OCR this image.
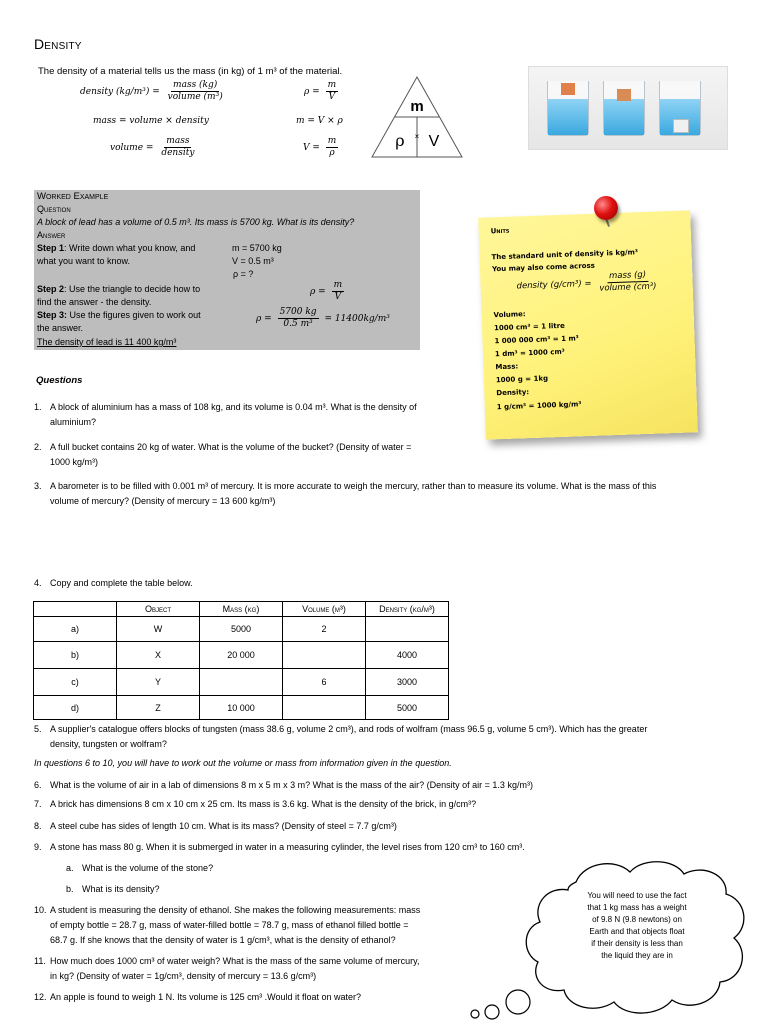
Density
The density of a material tells us the mass (in kg) of 1 m³ of the material.
density $(kg/m^3) = \frac{\text{mass (kg)}}{\text{volume (m³)}}$
mass = volume × density
volume = $\frac{\text{mass}}{\text{density}}$
$\rho = \frac{m}{V}$
m = V × ρ
$V = \frac{m}{\rho}$
m
ρ × V
Worked Example
Question
A block of lead has a volume of 0.5 m³. Its mass is 5700 kg. What is its density?
Answer
Step 1: Write down what you know, and
what you want to know.
m = 5700 kg
V = 0.5 m³
ρ = ?
Step 2: Use the triangle to decide how to
find the answer - the density.
Step 3: Use the figures given to work out
the answer.
The density of lead is 11 400 kg/m³
$\rho = \frac{m}{V}$
$\rho = \frac{5700 kg}{\text{0.5 m³}} = 11400kg/m^3$
Units
The standard unit of density is kg/m³
You may also come across
density $(g/cm^3) = \frac{\text{mass (g)}}{\text{volume (cm³)}}$
Volume:
1000 cm³ = 1 litre
1 000 000 cm³ = 1 m³
1 dm³ = 1000 cm³
Mass:
1000 g = 1kg
Density:
1 g/cm³ = 1000 kg/m³
Questions
1. A block of aluminium has a mass of 108 kg, and its volume is 0.04 m³. What is the density of
aluminium?
2. A full bucket contains 20 kg of water. What is the volume of the bucket? (Density of water =
1000 kg/m³)
3. A barometer is to be filled with 0.001 m³ of mercury. It is more accurate to weigh the mercury, rather than to measure its volume. What is the mass of this
volume of mercury? (Density of mercury = 13 600 kg/m³)
4. Copy and complete the table below.
	Object	Mass (kg)	Volume (m³)	Density (kg/m³)
a)	W	5000	2	
b)	X	20 000		4000
c)	Y		6	3000
d)	Z	10 000		5000
5. A supplier's catalogue offers blocks of tungsten (mass 38.6 g, volume 2 cm³), and rods of wolfram (mass 96.5 g, volume 5 cm³). Which has the greater
density, tungsten or wolfram?
In questions 6 to 10, you will have to work out the volume or mass from information given in the question.
6. What is the volume of air in a lab of dimensions 8 m x 5 m x 3 m? What is the mass of the air? (Density of air = 1.3 kg/m³)
7. A brick has dimensions 8 cm x 10 cm x 25 cm. Its mass is 3.6 kg. What is the density of the brick, in g/cm³?
8. A steel cube has sides of length 10 cm. What is its mass? (Density of steel = 7.7 g/cm³)
9. A stone has mass 80 g. When it is submerged in water in a measuring cylinder, the level rises from 120 cm³ to 160 cm³.
a. What is the volume of the stone?
b. What is its density?
10. A student is measuring the density of ethanol. She makes the following measurements: mass
of empty bottle = 28.7 g, mass of water-filled bottle = 78.7 g, mass of ethanol filled bottle =
68.7 g. If she knows that the density of water is 1 g/cm³, what is the density of ethanol?
11. How much does 1000 cm³ of water weigh? What is the mass of the same volume of mercury,
in kg? (Density of water = 1g/cm³, density of mercury = 13.6 g/cm³)
12. An apple is found to weigh 1 N. Its volume is 125 cm³ .Would it float on water?
You will need to use the fact
that 1 kg mass has a weight
of 9.8 N (9.8 newtons) on
Earth and that objects float
if their density is less than
the liquid they are in
